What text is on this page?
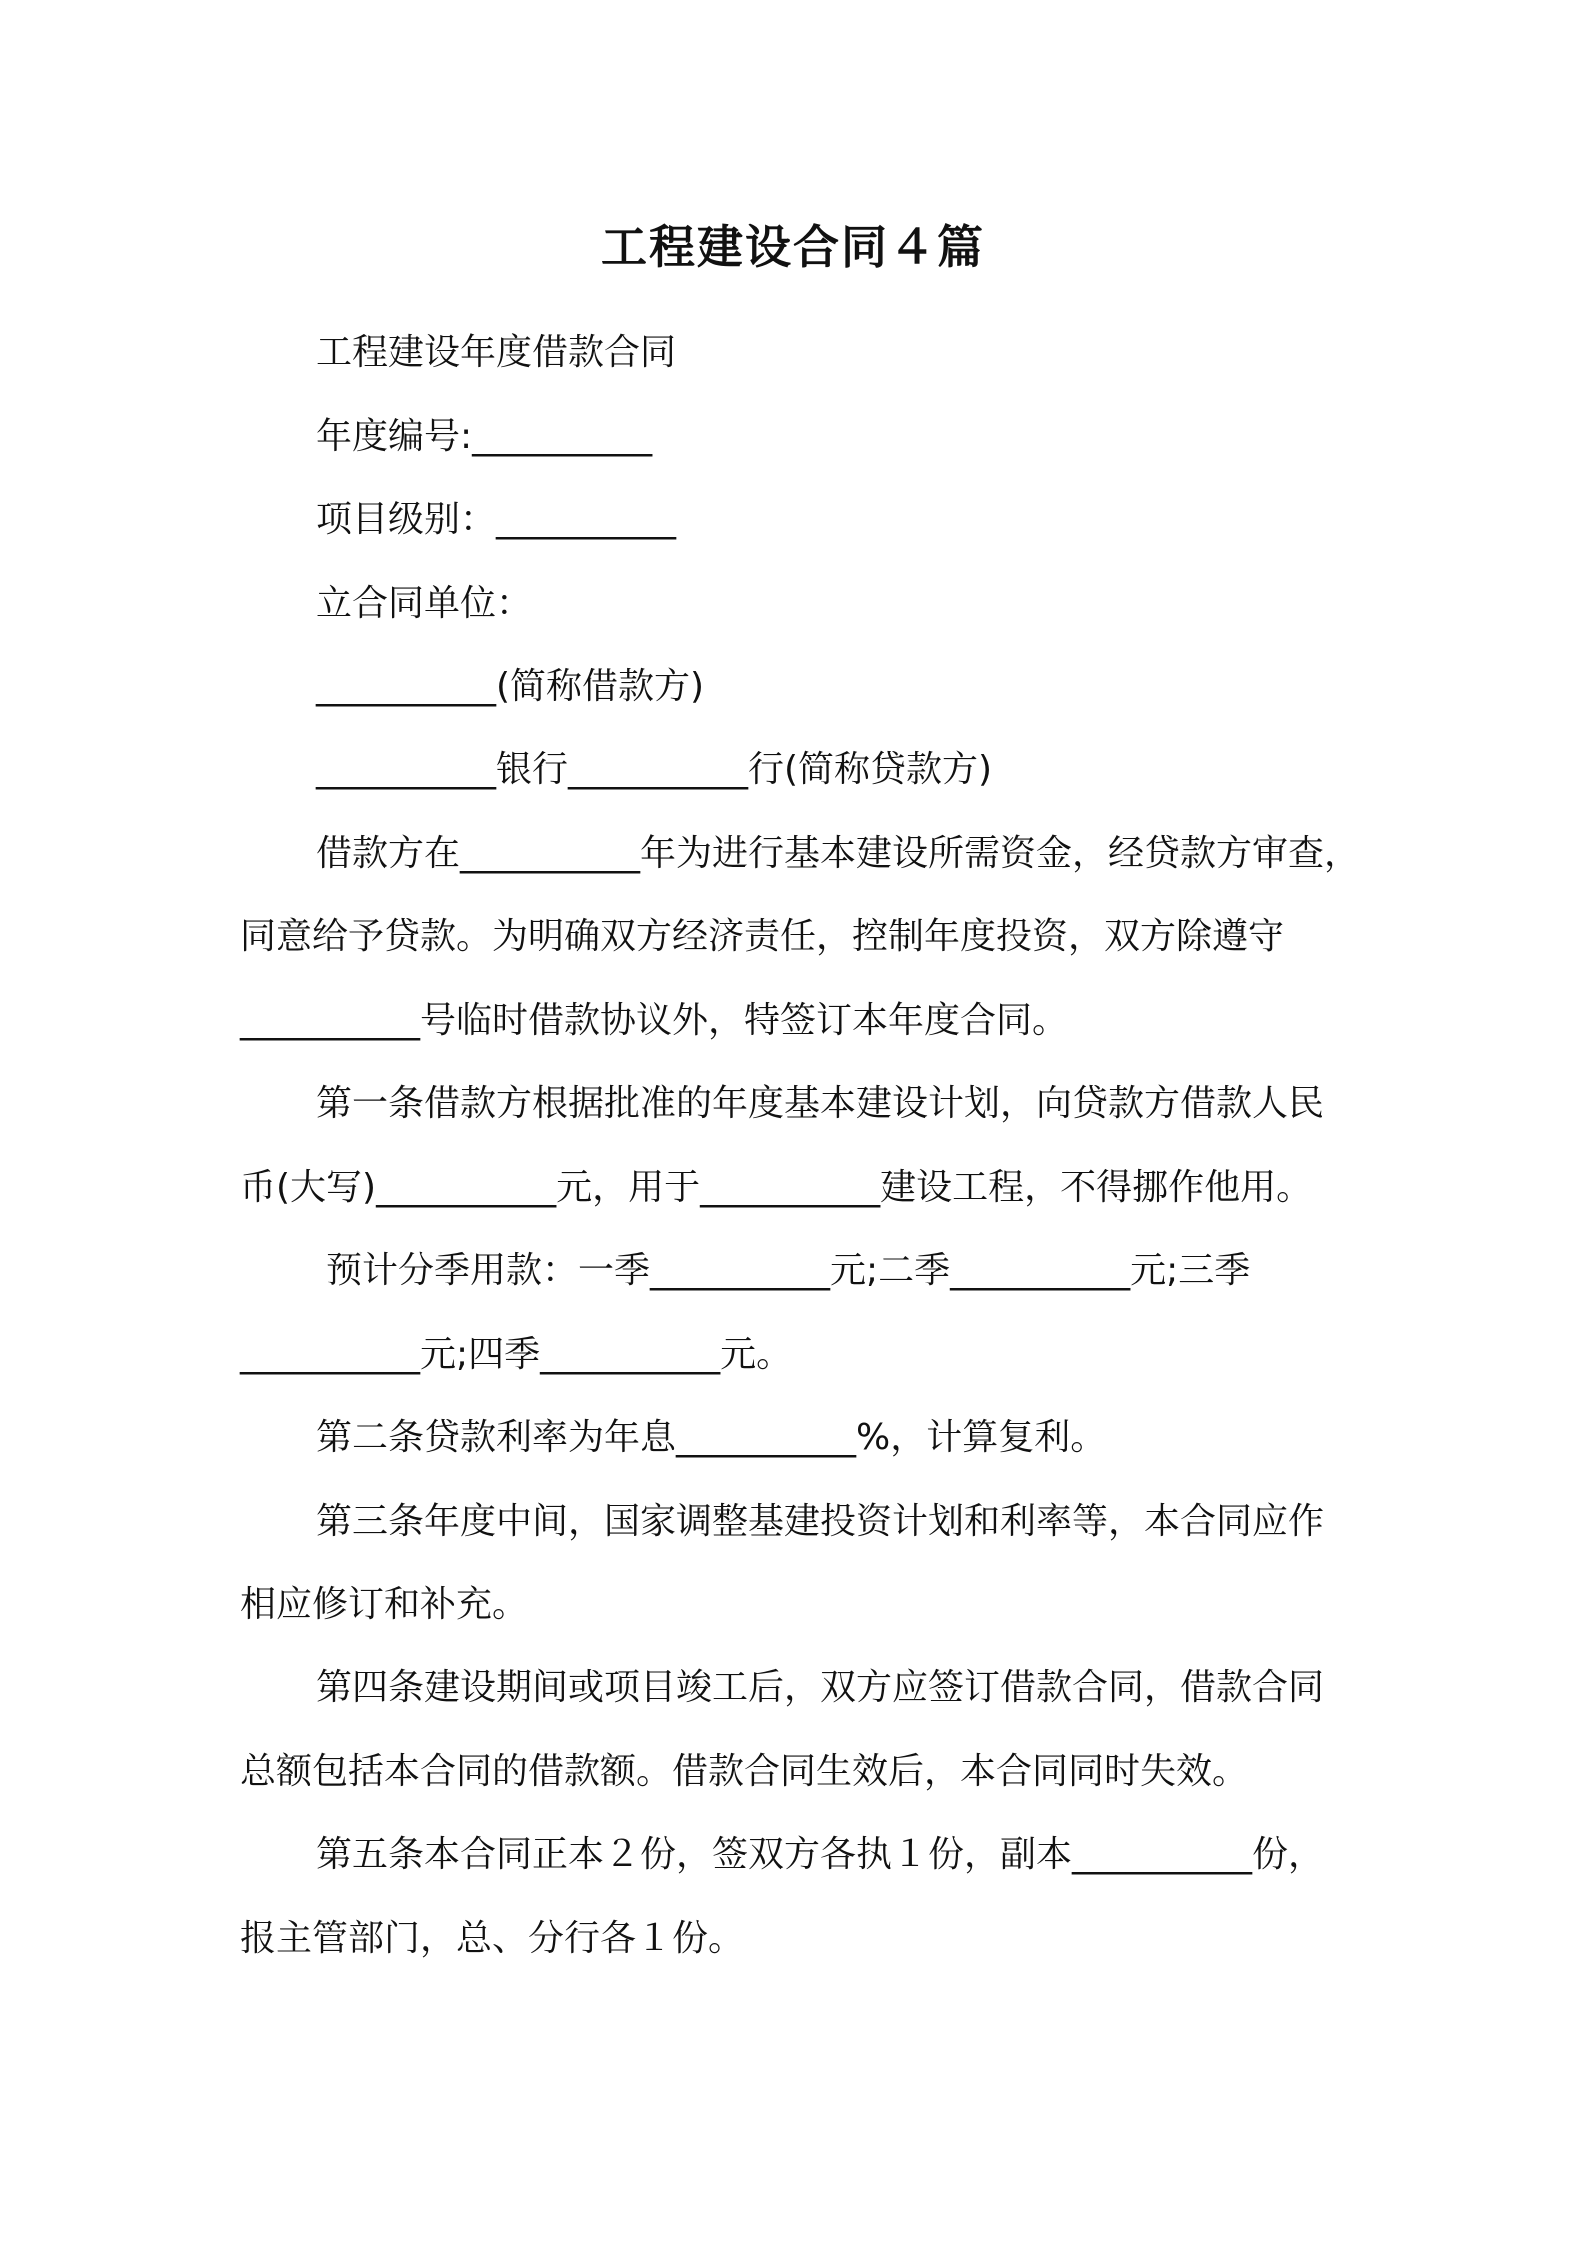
工程建设合同４篇
工程建设年度借款合同
年度编号:__________
项目级别：__________
立合同单位：
__________(简称借款方)
__________银行__________行(简称贷款方)
借款方在__________年为进行基本建设所需资金，经贷款方审查，
同意给予贷款。为明确双方经济责任，控制年度投资，双方除遵守
__________号临时借款协议外，特签订本年度合同。
第一条借款方根据批准的年度基本建设计划，向贷款方借款人民
币(大写)__________元，用于__________建设工程，不得挪作他用。
预计分季用款：一季__________元;二季__________元;三季
__________元;四季__________元。
第二条贷款利率为年息__________%，计算复利。
第三条年度中间，国家调整基建投资计划和利率等，本合同应作
相应修订和补充。
第四条建设期间或项目竣工后，双方应签订借款合同，借款合同
总额包括本合同的借款额。借款合同生效后，本合同同时失效。
第五条本合同正本２份，签双方各执１份，副本__________份，
报主管部门，总、分行各１份。
